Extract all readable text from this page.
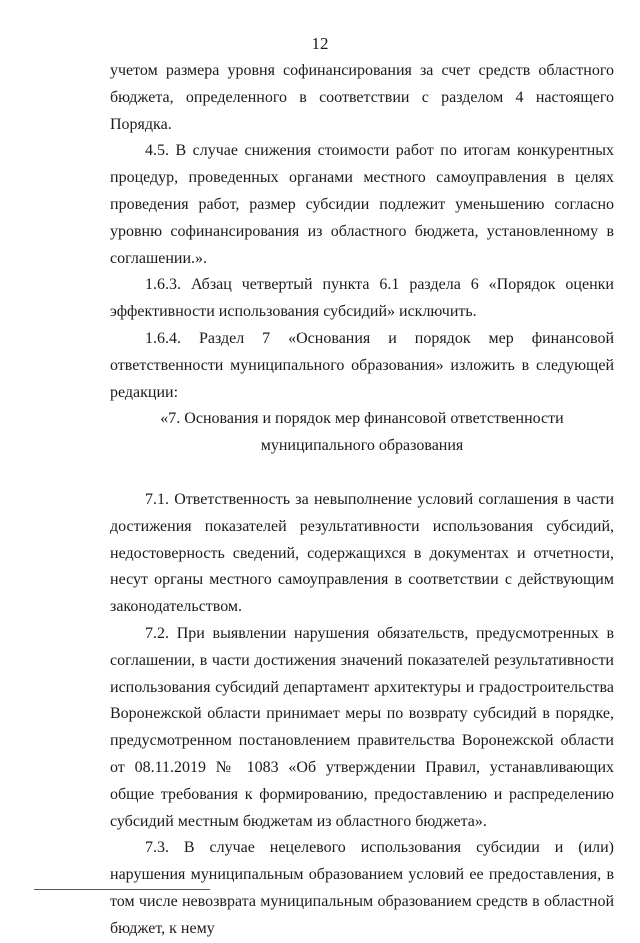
12

учетом размера уровня софинансирования за счет средств областного бюджета, определенного в соответствии с разделом 4 настоящего Порядка.

4.5. В случае снижения стоимости работ по итогам конкурентных процедур, проведенных органами местного самоуправления в целях проведения работ, размер субсидии подлежит уменьшению согласно уровню софинансирования из областного бюджета, установленному в соглашении.».

1.6.3. Абзац четвертый пункта 6.1 раздела 6 «Порядок оценки эффективности использования субсидий» исключить.

1.6.4. Раздел 7 «Основания и порядок мер финансовой ответственности муниципального образования» изложить в следующей редакции:

«7. Основания и порядок мер финансовой ответственности

муниципального образования

7.1. Ответственность за невыполнение условий соглашения в части достижения показателей результативности использования субсидий, недостоверность сведений, содержащихся в документах и отчетности, несут органы местного самоуправления в соответствии с действующим законодательством.

7.2. При выявлении нарушения обязательств, предусмотренных в соглашении, в части достижения значений показателей результативности использования субсидий департамент архитектуры и градостроительства Воронежской области принимает меры по возврату субсидий в порядке, предусмотренном постановлением правительства Воронежской области от 08.11.2019 № 1083 «Об утверждении Правил, устанавливающих общие требования к формированию, предоставлению и распределению субсидий местным бюджетам из областного бюджета».

7.3. В случае нецелевого использования субсидии и (или) нарушения муниципальным образованием условий ее предоставления, в том числе невозврата муниципальным образованием средств в областной бюджет, к нему
